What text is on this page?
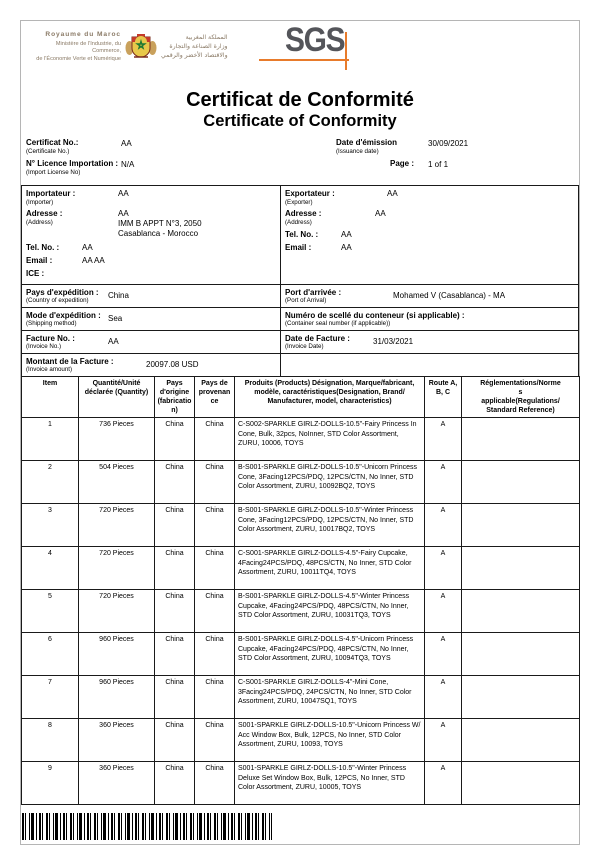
Royaume du Maroc
Ministère de l'Industrie, du Commerce,
de l'Économie Verte et Numérique
المملكة المغربية
وزارة الصناعة والتجارة
والاقتصاد الأخضر والرقمي SGS
Certificat de Conformité
Certificate of Conformity
Certificat No.:
(Certificate No.)
AA
N° Licence Importation :
(Import License No)
N/A
Date d'émission
(Issuance date)
30/09/2021
Page :	1 of 1
Importateur :
(Importer)
AA
Adresse :
(Address)
AA
IMM B APPT N°3, 2050
Casablanca - Morocco
Tel. No. :	AA
Email :	AA AA
ICE :
Exportateur :
(Exporter)
AA
Adresse :
(Address)
AA
Tel. No. :	AA
Email :	AA
Pays d'expédition :
(Country of expedition)
China	Port d'arrivée :
(Port of Arrival)
Mohamed V (Casablanca) - MA
Mode d'expédition :
(Shipping method)
Sea	Numéro de scellé du conteneur (si applicable) :
(Container seal number (if applicable))
Facture No. :
(Invoice No.)
AA	Date de Facture :
(Invoice Date)
31/03/2021
Montant de la Facture :
(Invoice amount)
20097.08 USD
Item	Quantité/Unité déclarée (Quantity)	Pays d'origine (fabrication)	Pays de provenance	Produits (Products) Désignation, Marque/fabricant, modèle, caractéristiques(Designation, Brand/ Manufacturer, model, characteristics)	Route A, B, C	Réglementations/Normes applicable(Regulations/Standard Reference)
1	736 Pieces	China	China	C-S002-SPARKLE GIRLZ-DOLLS-10.5"-Fairy Princess In Cone, Bulk, 32pcs, NoInner, STD Color Assortment, ZURU, 10006, TOYS	A	
2	504 Pieces	China	China	B-S001-SPARKLE GIRLZ-DOLLS-10.5"-Unicorn Princess Cone, 3Facing12PCS/PDQ, 12PCS/CTN, No Inner, STD Color Assortment, ZURU, 10092BQ2, TOYS	A	
3	720 Pieces	China	China	B-S001-SPARKLE GIRLZ-DOLLS-10.5"-Winter Princess Cone, 3Facing12PCS/PDQ, 12PCS/CTN, No Inner, STD Color Assortment, ZURU, 10017BQ2, TOYS	A	
4	720 Pieces	China	China	C-S001-SPARKLE GIRLZ-DOLLS-4.5"-Fairy Cupcake, 4Facing24PCS/PDQ, 48PCS/CTN, No Inner, STD Color Assortment, ZURU, 10011TQ4, TOYS	A	
5	720 Pieces	China	China	B-S001-SPARKLE GIRLZ-DOLLS-4.5"-Winter Princess Cupcake, 4Facing24PCS/PDQ, 48PCS/CTN, No Inner, STD Color Assortment, ZURU, 10031TQ3, TOYS	A	
6	960 Pieces	China	China	B-S001-SPARKLE GIRLZ-DOLLS-4.5"-Unicorn Princess Cupcake, 4Facing24PCS/PDQ, 48PCS/CTN, No Inner, STD Color Assortment, ZURU, 10094TQ3, TOYS	A	
7	960 Pieces	China	China	C-S001-SPARKLE GIRLZ-DOLLS-4"-Mini Cone, 3Facing24PCS/PDQ, 24PCS/CTN, No Inner, STD Color Assortment, ZURU, 10047SQ1, TOYS	A	
8	360 Pieces	China	China	S001-SPARKLE GIRLZ-DOLLS-10.5"-Unicorn Princess W/ Acc Window Box, Bulk, 12PCS, No Inner, STD Color Assortment, ZURU, 10093, TOYS	A	
9	360 Pieces	China	China	S001-SPARKLE GIRLZ-DOLLS-10.5"-Winter Princess Deluxe Set Window Box, Bulk, 12PCS, No Inner, STD Color Assortment, ZURU, 10005, TOYS	A	
